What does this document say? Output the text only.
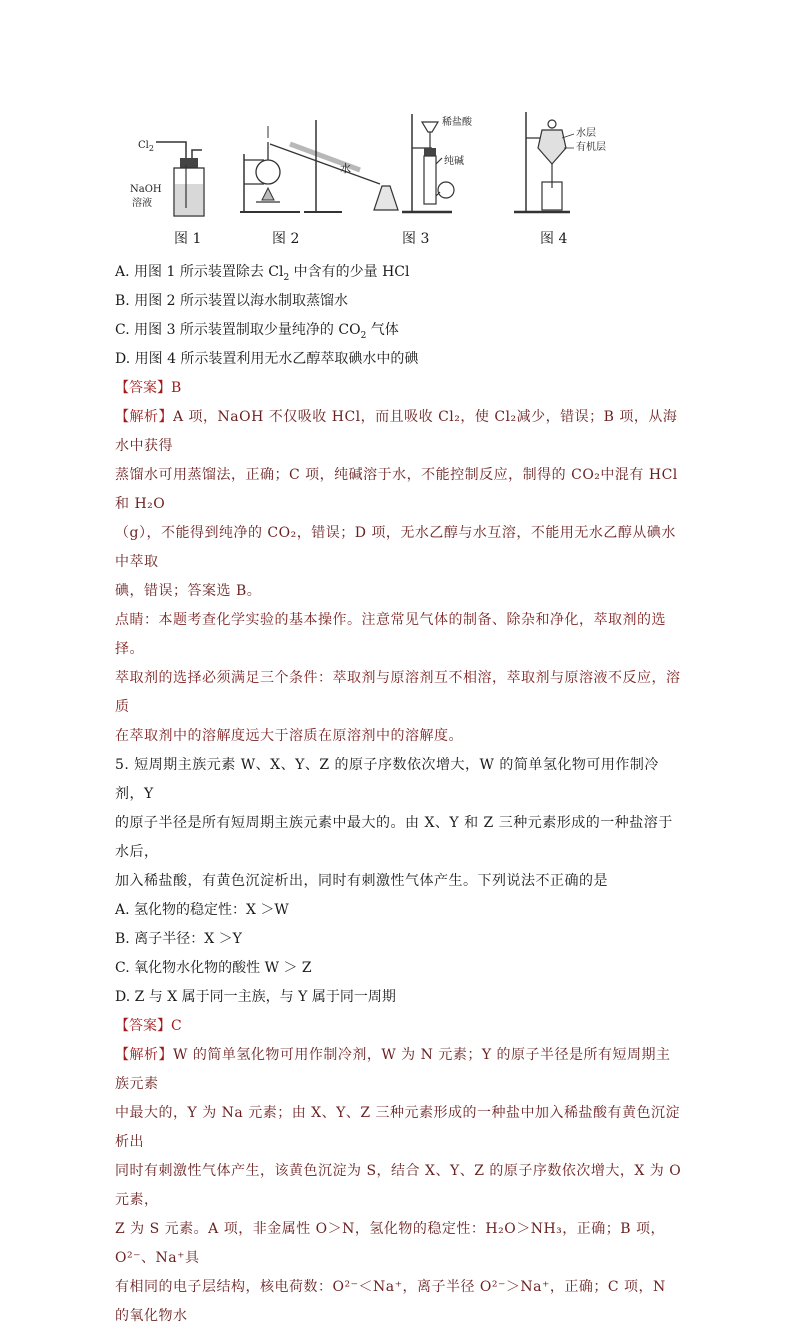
$Cl_2$
NaOH
溶液
水
稀盐酸
纯碱
水层
有机层
图 1	图 2	图 3	图 4
A. 用图 1 所示装置除去 $Cl_2$ 中含有的少量 HCl
B. 用图 2 所示装置以海水制取蒸馏水
C. 用图 3 所示装置制取少量纯净的 $CO_2$ 气体
D. 用图 4 所示装置利用无水乙醇萃取碘水中的碘
【答案】B
【解析】A 项，NaOH 不仅吸收 HCl，而且吸收 Cl₂，使 Cl₂减少，错误；B 项，从海水中获得
蒸馏水可用蒸馏法，正确；C 项，纯碱溶于水，不能控制反应，制得的 CO₂中混有 HCl 和 H₂O
（g），不能得到纯净的 CO₂，错误；D 项，无水乙醇与水互溶，不能用无水乙醇从碘水中萃取
碘，错误；答案选 B。
点睛：本题考查化学实验的基本操作。注意常见气体的制备、除杂和净化，萃取剂的选择。
萃取剂的选择必须满足三个条件：萃取剂与原溶剂互不相溶，萃取剂与原溶液不反应，溶质
在萃取剂中的溶解度远大于溶质在原溶剂中的溶解度。
5. 短周期主族元素 W、X、Y、Z 的原子序数依次增大，W 的简单氢化物可用作制冷剂，Y
的原子半径是所有短周期主族元素中最大的。由 X、Y 和 Z 三种元素形成的一种盐溶于水后，
加入稀盐酸，有黄色沉淀析出，同时有刺激性气体产生。下列说法不正确的是
A. 氢化物的稳定性：X ＞W
B. 离子半径：X ＞Y
C. 氧化物水化物的酸性 W ＞ Z
D. Z 与 X 属于同一主族，与 Y 属于同一周期
【答案】C
【解析】W 的简单氢化物可用作制冷剂，W 为 N 元素；Y 的原子半径是所有短周期主族元素
中最大的，Y 为 Na 元素；由 X、Y、Z 三种元素形成的一种盐中加入稀盐酸有黄色沉淀析出
同时有刺激性气体产生，该黄色沉淀为 S，结合 X、Y、Z 的原子序数依次增大，X 为 O 元素，
Z 为 S 元素。A 项，非金属性 O＞N，氢化物的稳定性：H₂O＞NH₃，正确；B 项，O²⁻、Na⁺具
有相同的电子层结构，核电荷数：O²⁻＜Na⁺，离子半径 O²⁻＞Na⁺，正确；C 项，N 的氧化物水
